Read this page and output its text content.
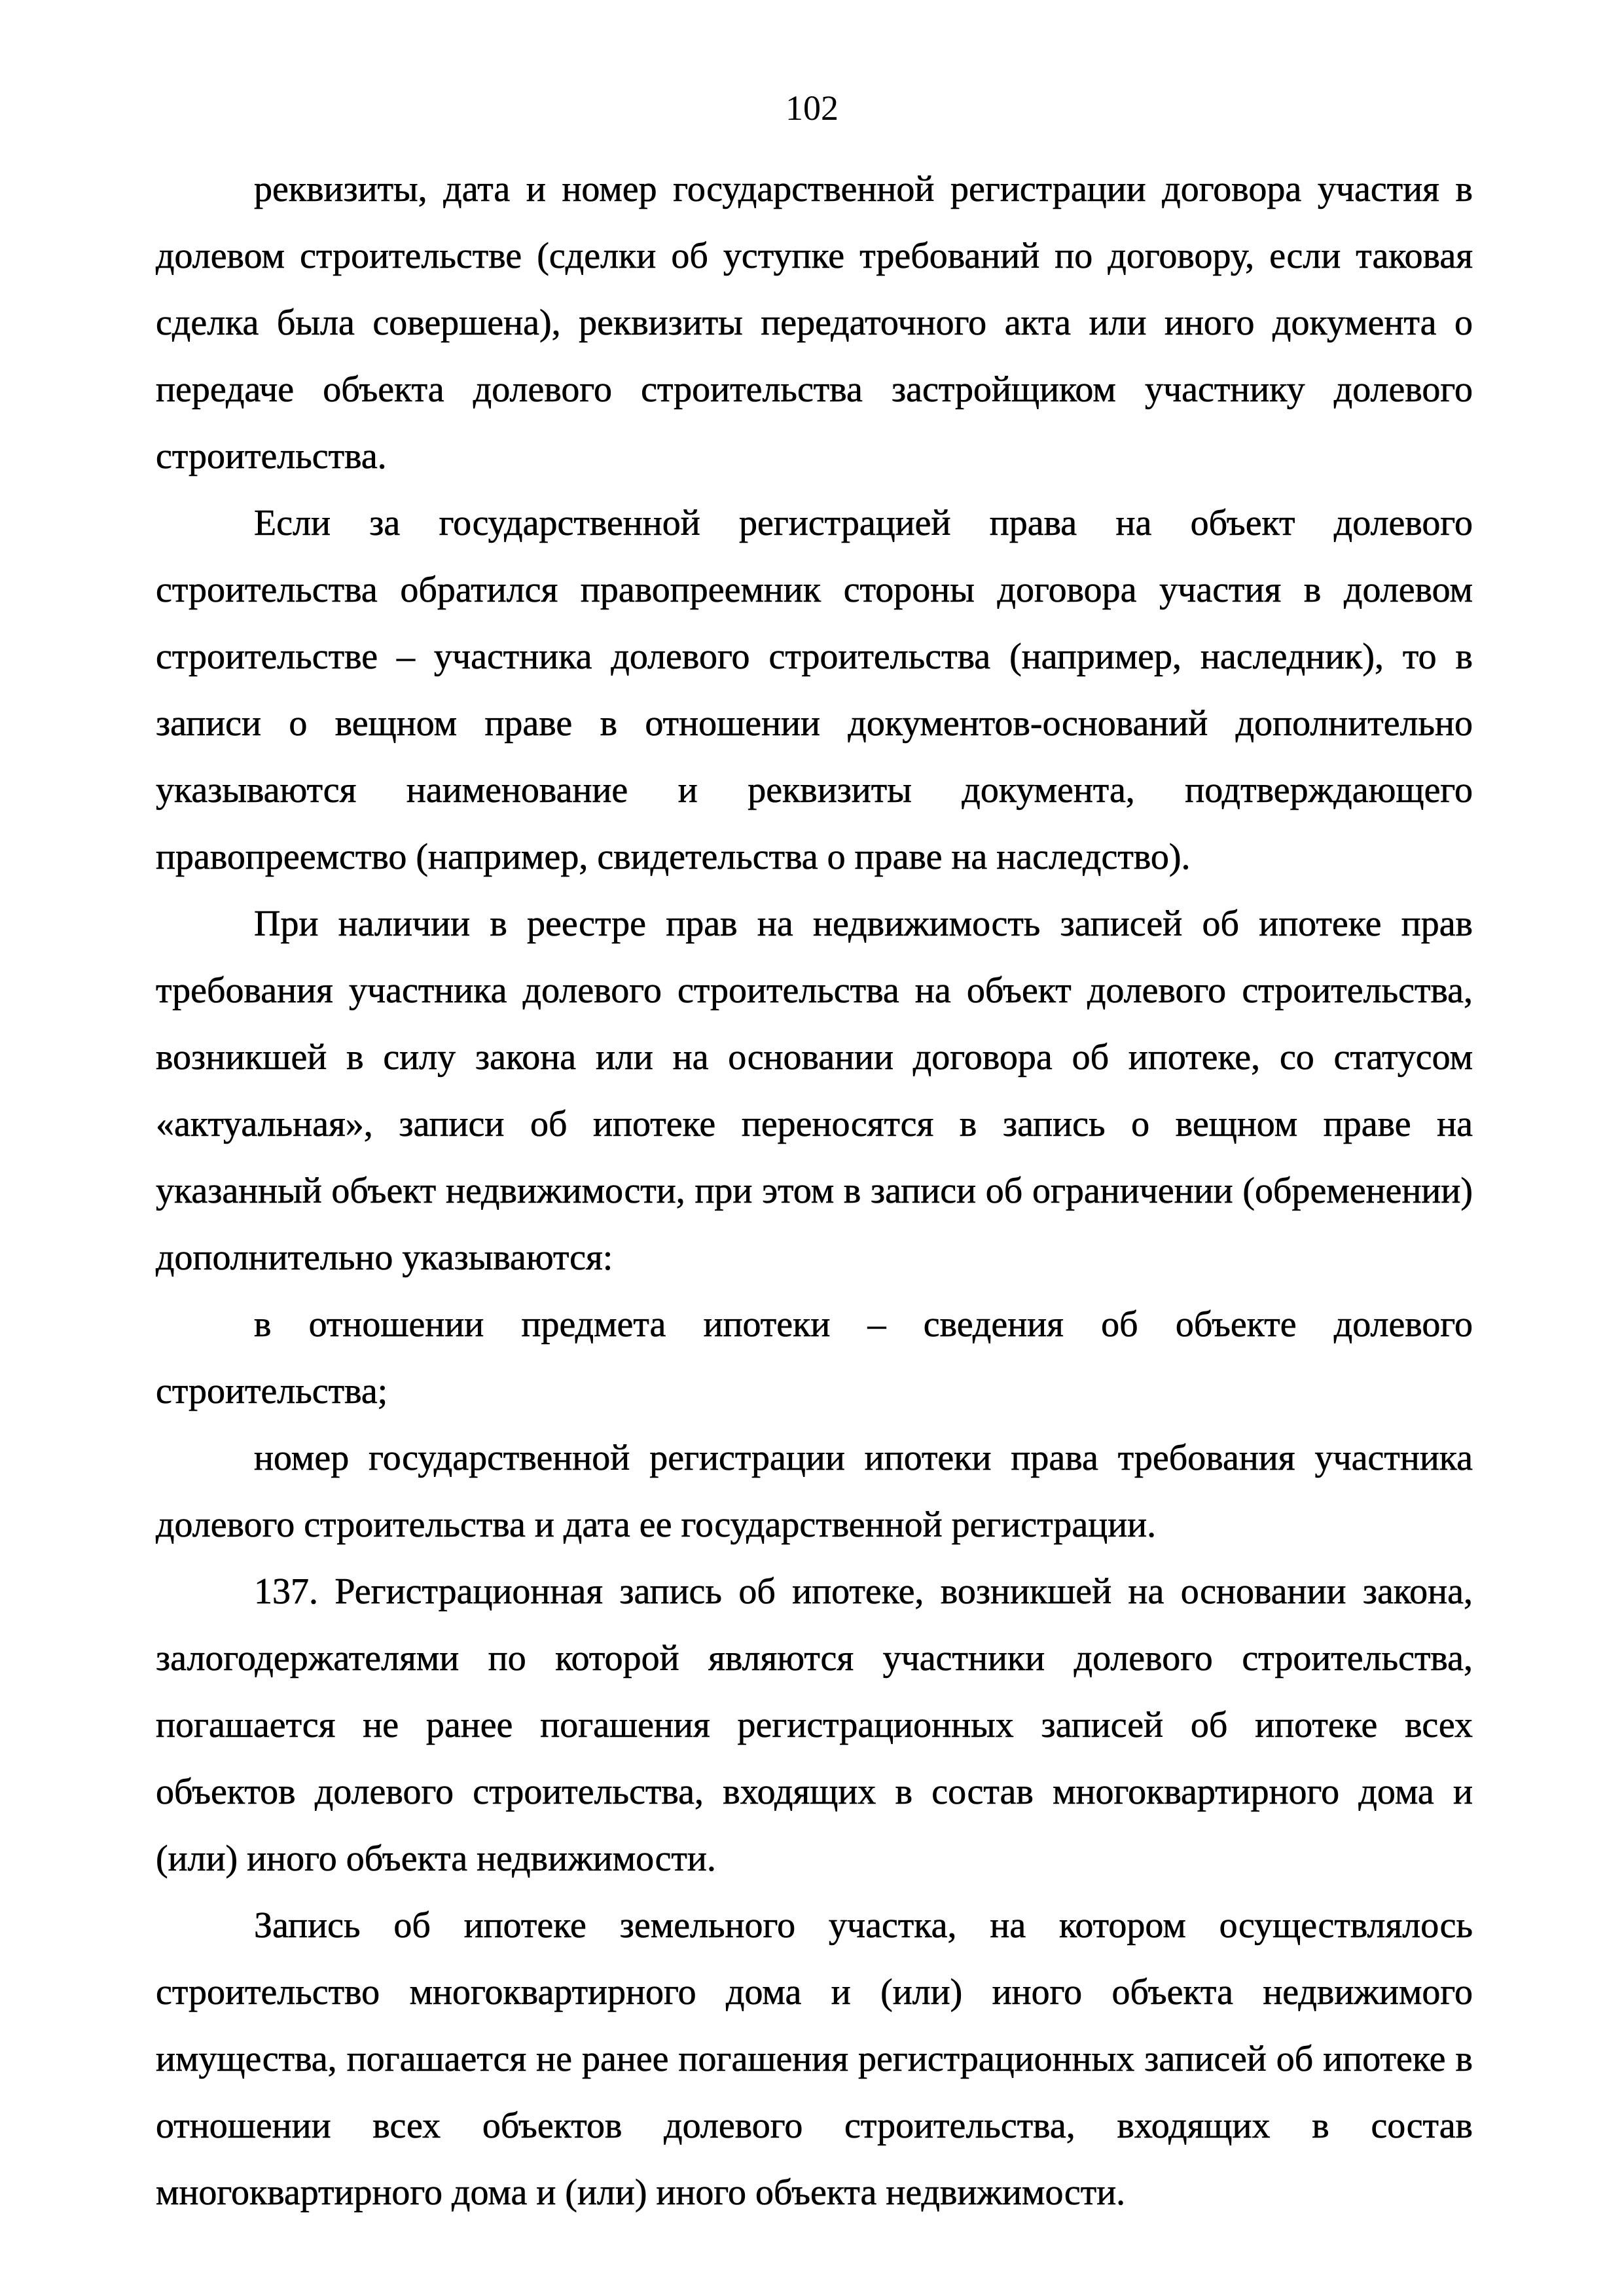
102

реквизиты, дата и номер государственной регистрации договора участия в долевом строительстве (сделки об уступке требований по договору, если таковая сделка была совершена), реквизиты передаточного акта или иного документа о передаче объекта долевого строительства застройщиком участнику долевого строительства.

Если за государственной регистрацией права на объект долевого строительства обратился правопреемник стороны договора участия в долевом строительстве – участника долевого строительства (например, наследник), то в записи о вещном праве в отношении документов-оснований дополнительно указываются наименование и реквизиты документа, подтверждающего правопреемство (например, свидетельства о праве на наследство).

При наличии в реестре прав на недвижимость записей об ипотеке прав требования участника долевого строительства на объект долевого строительства, возникшей в силу закона или на основании договора об ипотеке, со статусом «актуальная», записи об ипотеке переносятся в запись о вещном праве на указанный объект недвижимости, при этом в записи об ограничении (обременении) дополнительно указываются:

в отношении предмета ипотеки – сведения об объекте долевого строительства;

номер государственной регистрации ипотеки права требования участника долевого строительства и дата ее государственной регистрации.

137. Регистрационная запись об ипотеке, возникшей на основании закона, залогодержателями по которой являются участники долевого строительства, погашается не ранее погашения регистрационных записей об ипотеке всех объектов долевого строительства, входящих в состав многоквартирного дома и (или) иного объекта недвижимости.

Запись об ипотеке земельного участка, на котором осуществлялось строительство многоквартирного дома и (или) иного объекта недвижимого имущества, погашается не ранее погашения регистрационных записей об ипотеке в отношении всех объектов долевого строительства, входящих в состав многоквартирного дома и (или) иного объекта недвижимости.
